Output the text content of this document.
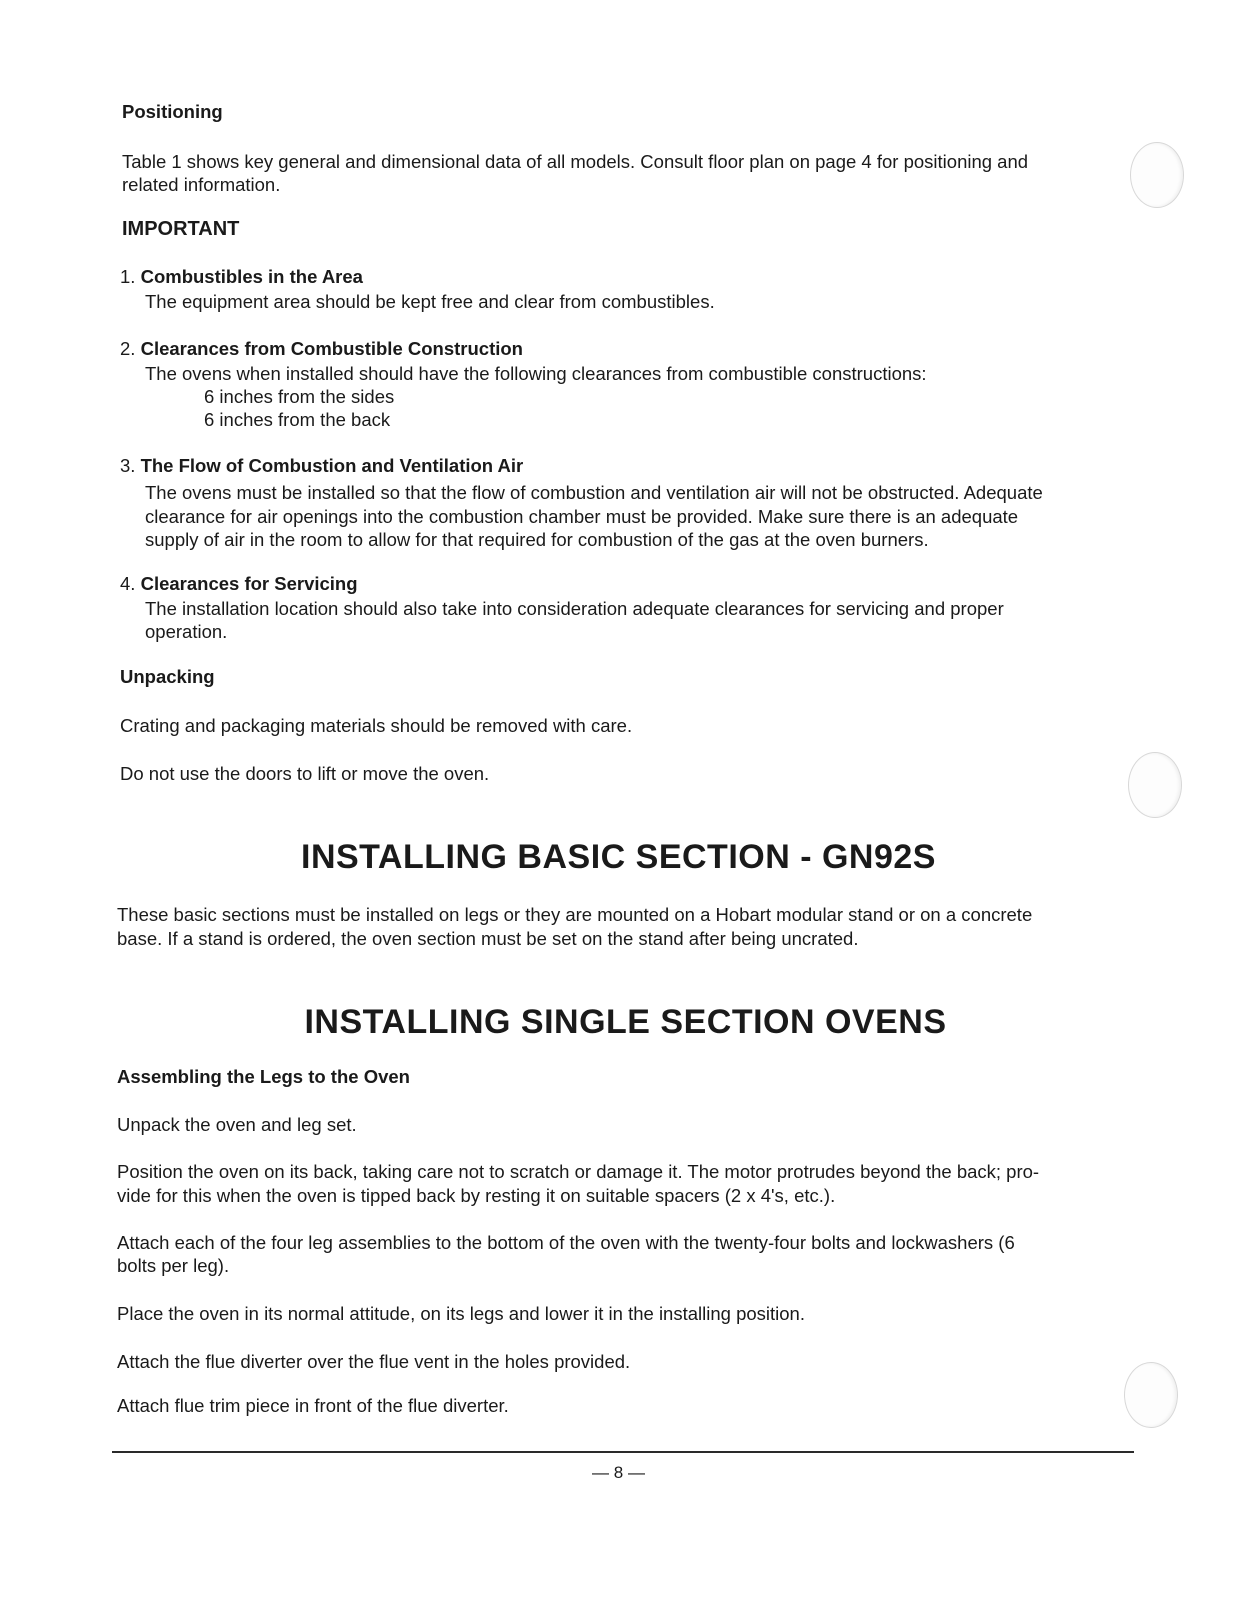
Positioning

Table 1 shows key general and dimensional data of all models. Consult floor plan on page 4 for positioning and

related information.

IMPORTANT

1. Combustibles in the Area

The equipment area should be kept free and clear from combustibles.

2. Clearances from Combustible Construction

The ovens when installed should have the following clearances from combustible constructions:

6 inches from the sides

6 inches from the back

3. The Flow of Combustion and Ventilation Air

The ovens must be installed so that the flow of combustion and ventilation air will not be obstructed. Adequate

clearance for air openings into the combustion chamber must be provided. Make sure there is an adequate

supply of air in the room to allow for that required for combustion of the gas at the oven burners.

4. Clearances for Servicing

The installation location should also take into consideration adequate clearances for servicing and proper

operation.

Unpacking

Crating and packaging materials should be removed with care.

Do not use the doors to lift or move the oven.

INSTALLING BASIC SECTION - GN92S

These basic sections must be installed on legs or they are mounted on a Hobart modular stand or on a concrete

base. If a stand is ordered, the oven section must be set on the stand after being uncrated.

INSTALLING SINGLE SECTION OVENS

Assembling the Legs to the Oven

Unpack the oven and leg set.

Position the oven on its back, taking care not to scratch or damage it. The motor protrudes beyond the back; pro-

vide for this when the oven is tipped back by resting it on suitable spacers (2 x 4's, etc.).

Attach each of the four leg assemblies to the bottom of the oven with the twenty-four bolts and lockwashers (6

bolts per leg).

Place the oven in its normal attitude, on its legs and lower it in the installing position.

Attach the flue diverter over the flue vent in the holes provided.

Attach flue trim piece in front of the flue diverter.

— 8 —
